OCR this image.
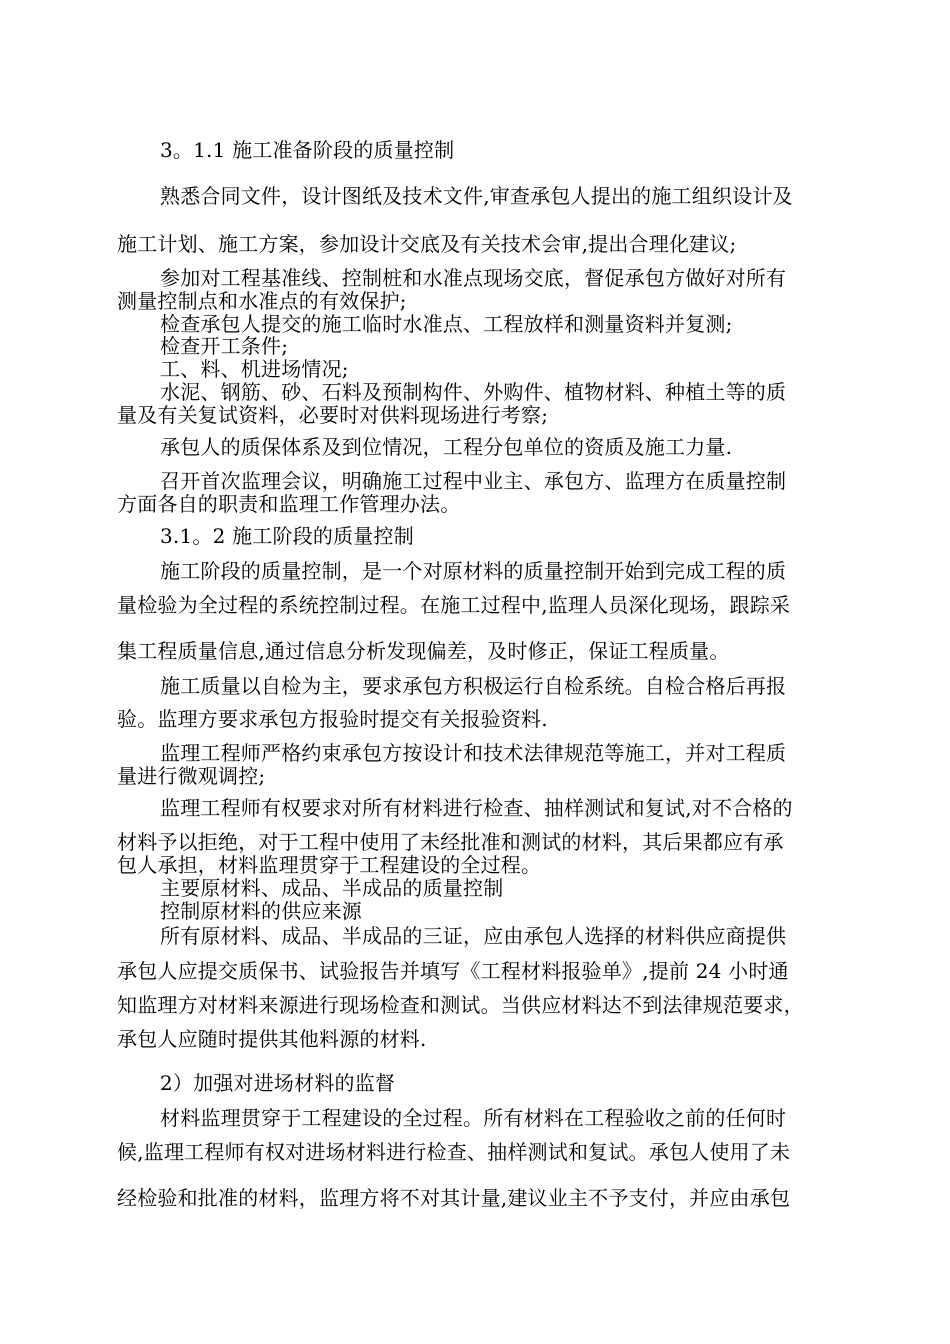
3。1.1 施工准备阶段的质量控制
熟悉合同文件，设计图纸及技术文件,审查承包人提出的施工组织设计及
施工计划、施工方案，参加设计交底及有关技术会审,提出合理化建议;
参加对工程基准线、控制桩和水准点现场交底，督促承包方做好对所有
测量控制点和水准点的有效保护;
检查承包人提交的施工临时水准点、工程放样和测量资料并复测;
检查开工条件;
工、料、机进场情况;
水泥、钢筋、砂、石料及预制构件、外购件、植物材料、种植土等的质
量及有关复试资料，必要时对供料现场进行考察;
承包人的质保体系及到位情况，工程分包单位的资质及施工力量.
召开首次监理会议，明确施工过程中业主、承包方、监理方在质量控制
方面各自的职责和监理工作管理办法。
3.1。2 施工阶段的质量控制
施工阶段的质量控制，是一个对原材料的质量控制开始到完成工程的质
量检验为全过程的系统控制过程。在施工过程中,监理人员深化现场，跟踪采
集工程质量信息,通过信息分析发现偏差，及时修正，保证工程质量。
施工质量以自检为主，要求承包方积极运行自检系统。自检合格后再报
验。监理方要求承包方报验时提交有关报验资料.
监理工程师严格约束承包方按设计和技术法律规范等施工，并对工程质
量进行微观调控;
监理工程师有权要求对所有材料进行检查、抽样测试和复试,对不合格的
材料予以拒绝，对于工程中使用了未经批准和测试的材料，其后果都应有承
包人承担，材料监理贯穿于工程建设的全过程。
主要原材料、成品、半成品的质量控制
控制原材料的供应来源
所有原材料、成品、半成品的三证，应由承包人选择的材料供应商提供
承包人应提交质保书、试验报告并填写《工程材料报验单》,提前 24 小时通
知监理方对材料来源进行现场检查和测试。当供应材料达不到法律规范要求，
承包人应随时提供其他料源的材料.
2）加强对进场材料的监督
材料监理贯穿于工程建设的全过程。所有材料在工程验收之前的任何时
候,监理工程师有权对进场材料进行检查、抽样测试和复试。承包人使用了未
经检验和批准的材料，监理方将不对其计量,建议业主不予支付，并应由承包
